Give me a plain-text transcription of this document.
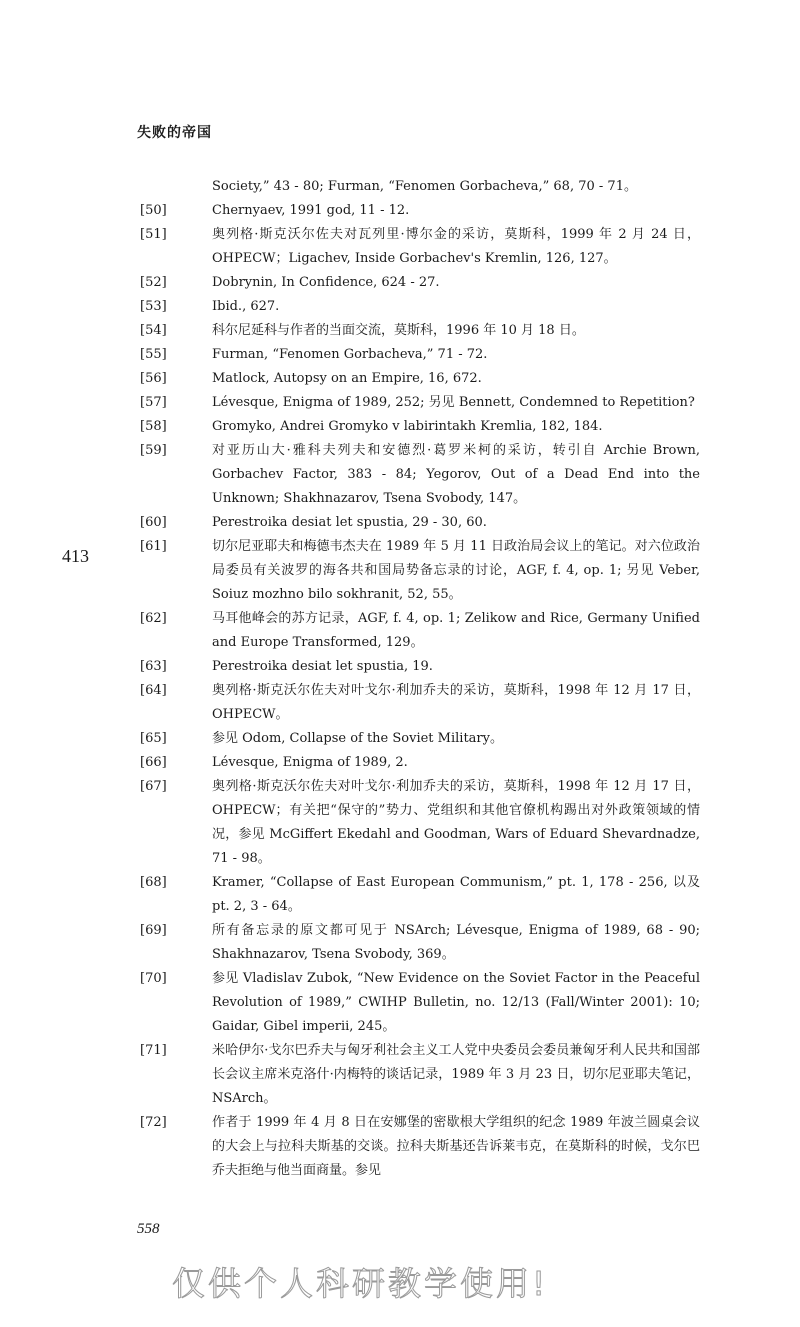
失败的帝国
413

Society,” 43 - 80; Furman, “Fenomen Gorbacheva,” 68, 70 - 71。

[50]	Chernyaev, 1991 god, 11 - 12.

[51]	奥列格·斯克沃尔佐夫对瓦列里·博尔金的采访，莫斯科，1999 年 2 月 24 日，OHPECW；Ligachev, Inside Gorbachev's Kremlin, 126, 127。

[52]	Dobrynin, In Confidence, 624 - 27.

[53]	Ibid., 627.

[54]	科尔尼延科与作者的当面交流，莫斯科，1996 年 10 月 18 日。

[55]	Furman, “Fenomen Gorbacheva,” 71 - 72.

[56]	Matlock, Autopsy on an Empire, 16, 672.

[57]	Lévesque, Enigma of 1989, 252; 另见 Bennett, Condemned to Repetition?

[58]	Gromyko, Andrei Gromyko v labirintakh Kremlia, 182, 184.

[59]	对亚历山大·雅科夫列夫和安德烈·葛罗米柯的采访，转引自 Archie Brown, Gorbachev Factor, 383 - 84; Yegorov, Out of a Dead End into the Unknown; Shakhnazarov, Tsena Svobody, 147。

[60]	Perestroika desiat let spustia, 29 - 30, 60.

[61]	切尔尼亚耶夫和梅德韦杰夫在 1989 年 5 月 11 日政治局会议上的笔记。对六位政治局委员有关波罗的海各共和国局势备忘录的讨论，AGF, f. 4, op. 1; 另见 Veber, Soiuz mozhno bilo sokhranit, 52, 55。

[62]	马耳他峰会的苏方记录，AGF, f. 4, op. 1; Zelikow and Rice, Germany Unified and Europe Transformed, 129。

[63]	Perestroika desiat let spustia, 19.

[64]	奥列格·斯克沃尔佐夫对叶戈尔·利加乔夫的采访，莫斯科，1998 年 12 月 17 日，OHPECW。

[65]	参见 Odom, Collapse of the Soviet Military。

[66]	Lévesque, Enigma of 1989, 2.

[67]	奥列格·斯克沃尔佐夫对叶戈尔·利加乔夫的采访，莫斯科，1998 年 12 月 17 日，OHPECW；有关把“保守的”势力、党组织和其他官僚机构踢出对外政策领域的情况，参见 McGiffert Ekedahl and Goodman, Wars of Eduard Shevardnadze, 71 - 98。

[68]	Kramer, “Collapse of East European Communism,” pt. 1, 178 - 256, 以及 pt. 2, 3 - 64。

[69]	所有备忘录的原文都可见于 NSArch; Lévesque, Enigma of 1989, 68 - 90; Shakhnazarov, Tsena Svobody, 369。

[70]	参见 Vladislav Zubok, “New Evidence on the Soviet Factor in the Peaceful Revolution of 1989,” CWIHP Bulletin, no. 12/13 (Fall/Winter 2001): 10; Gaidar, Gibel imperii, 245。

[71]	米哈伊尔·戈尔巴乔夫与匈牙利社会主义工人党中央委员会委员兼匈牙利人民共和国部长会议主席米克洛什·内梅特的谈话记录，1989 年 3 月 23 日，切尔尼亚耶夫笔记，NSArch。

[72]	作者于 1999 年 4 月 8 日在安娜堡的密歇根大学组织的纪念 1989 年波兰圆桌会议的大会上与拉科夫斯基的交谈。拉科夫斯基还告诉莱韦克，在莫斯科的时候，戈尔巴乔夫拒绝与他当面商量。参见

558
仅供个人科研教学使用!
